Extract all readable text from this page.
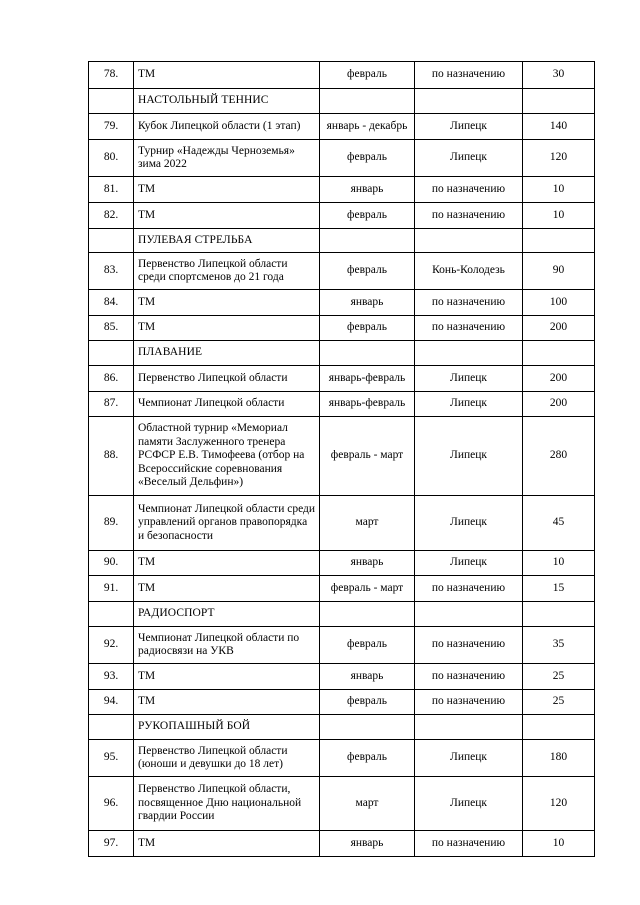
78.	ТМ	февраль	по назначению	30
	НАСТОЛЬНЫЙ ТЕННИС			
79.	Кубок Липецкой области (1 этап)	январь - декабрь	Липецк	140
80.	Турнир «Надежды Черноземья» зима 2022	февраль	Липецк	120
81.	ТМ	январь	по назначению	10
82.	ТМ	февраль	по назначению	10
	ПУЛЕВАЯ СТРЕЛЬБА			
83.	Первенство Липецкой области среди спортсменов до 21 года	февраль	Конь-Колодезь	90
84.	ТМ	январь	по назначению	100
85.	ТМ	февраль	по назначению	200
	ПЛАВАНИЕ			
86.	Первенство Липецкой области	январь-февраль	Липецк	200
87.	Чемпионат Липецкой области	январь-февраль	Липецк	200
88.	Областной турнир «Мемориал памяти Заслуженного тренера РСФСР Е.В. Тимофеева (отбор на Всероссийские соревнования «Веселый Дельфин»)	февраль - март	Липецк	280
89.	Чемпионат Липецкой области среди управлений органов правопорядка и безопасности	март	Липецк	45
90.	ТМ	январь	Липецк	10
91.	ТМ	февраль - март	по назначению	15
	РАДИОСПОРТ			
92.	Чемпионат Липецкой области по радиосвязи на УКВ	февраль	по назначению	35
93.	ТМ	январь	по назначению	25
94.	ТМ	февраль	по назначению	25
	РУКОПАШНЫЙ БОЙ			
95.	Первенство Липецкой области (юноши и девушки до 18 лет)	февраль	Липецк	180
96.	Первенство Липецкой области, посвященное Дню национальной гвардии России	март	Липецк	120
97.	ТМ	январь	по назначению	10
